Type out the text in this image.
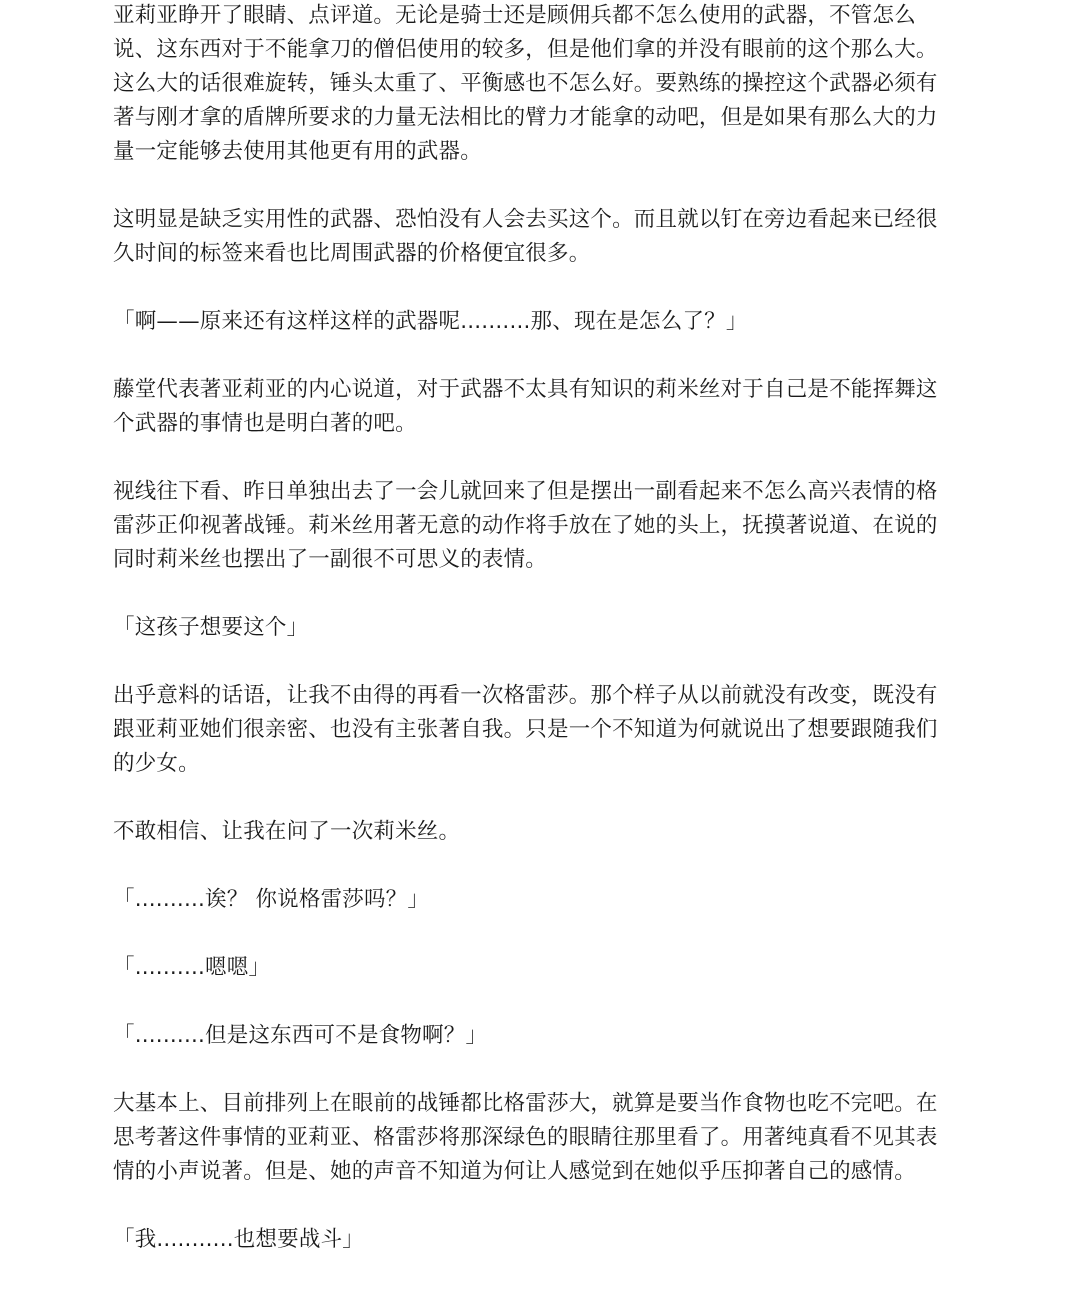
亚莉亚睁开了眼睛、点评道。无论是骑士还是顾佣兵都不怎么使用的武器，不管怎么说、这东西对于不能拿刀的僧侣使用的较多，但是他们拿的并没有眼前的这个那么大。这么大的话很难旋转，锤头太重了、平衡感也不怎么好。要熟练的操控这个武器必须有著与刚才拿的盾牌所要求的力量无法相比的臂力才能拿的动吧，但是如果有那么大的力量一定能够去使用其他更有用的武器。

这明显是缺乏实用性的武器、恐怕没有人会去买这个。而且就以钉在旁边看起来已经很久时间的标签来看也比周围武器的价格便宜很多。

「啊——原来还有这样这样的武器呢..........那、现在是怎么了？」

藤堂代表著亚莉亚的内心说道，对于武器不太具有知识的莉米丝对于自己是不能挥舞这个武器的事情也是明白著的吧。

视线往下看、昨日单独出去了一会儿就回来了但是摆出一副看起来不怎么高兴表情的格雷莎正仰视著战锤。莉米丝用著无意的动作将手放在了她的头上，抚摸著说道、在说的同时莉米丝也摆出了一副很不可思义的表情。

「这孩子想要这个」

出乎意料的话语，让我不由得的再看一次格雷莎。那个样子从以前就没有改变，既没有跟亚莉亚她们很亲密、也没有主张著自我。只是一个不知道为何就说出了想要跟随我们的少女。

不敢相信、让我在问了一次莉米丝。

「..........诶？ 你说格雷莎吗？」

「..........嗯嗯」

「..........但是这东西可不是食物啊？」

大基本上、目前排列上在眼前的战锤都比格雷莎大，就算是要当作食物也吃不完吧。在思考著这件事情的亚莉亚、格雷莎将那深绿色的眼睛往那里看了。用著纯真看不见其表情的小声说著。但是、她的声音不知道为何让人感觉到在她似乎压抑著自己的感情。

「我...........也想要战斗」
